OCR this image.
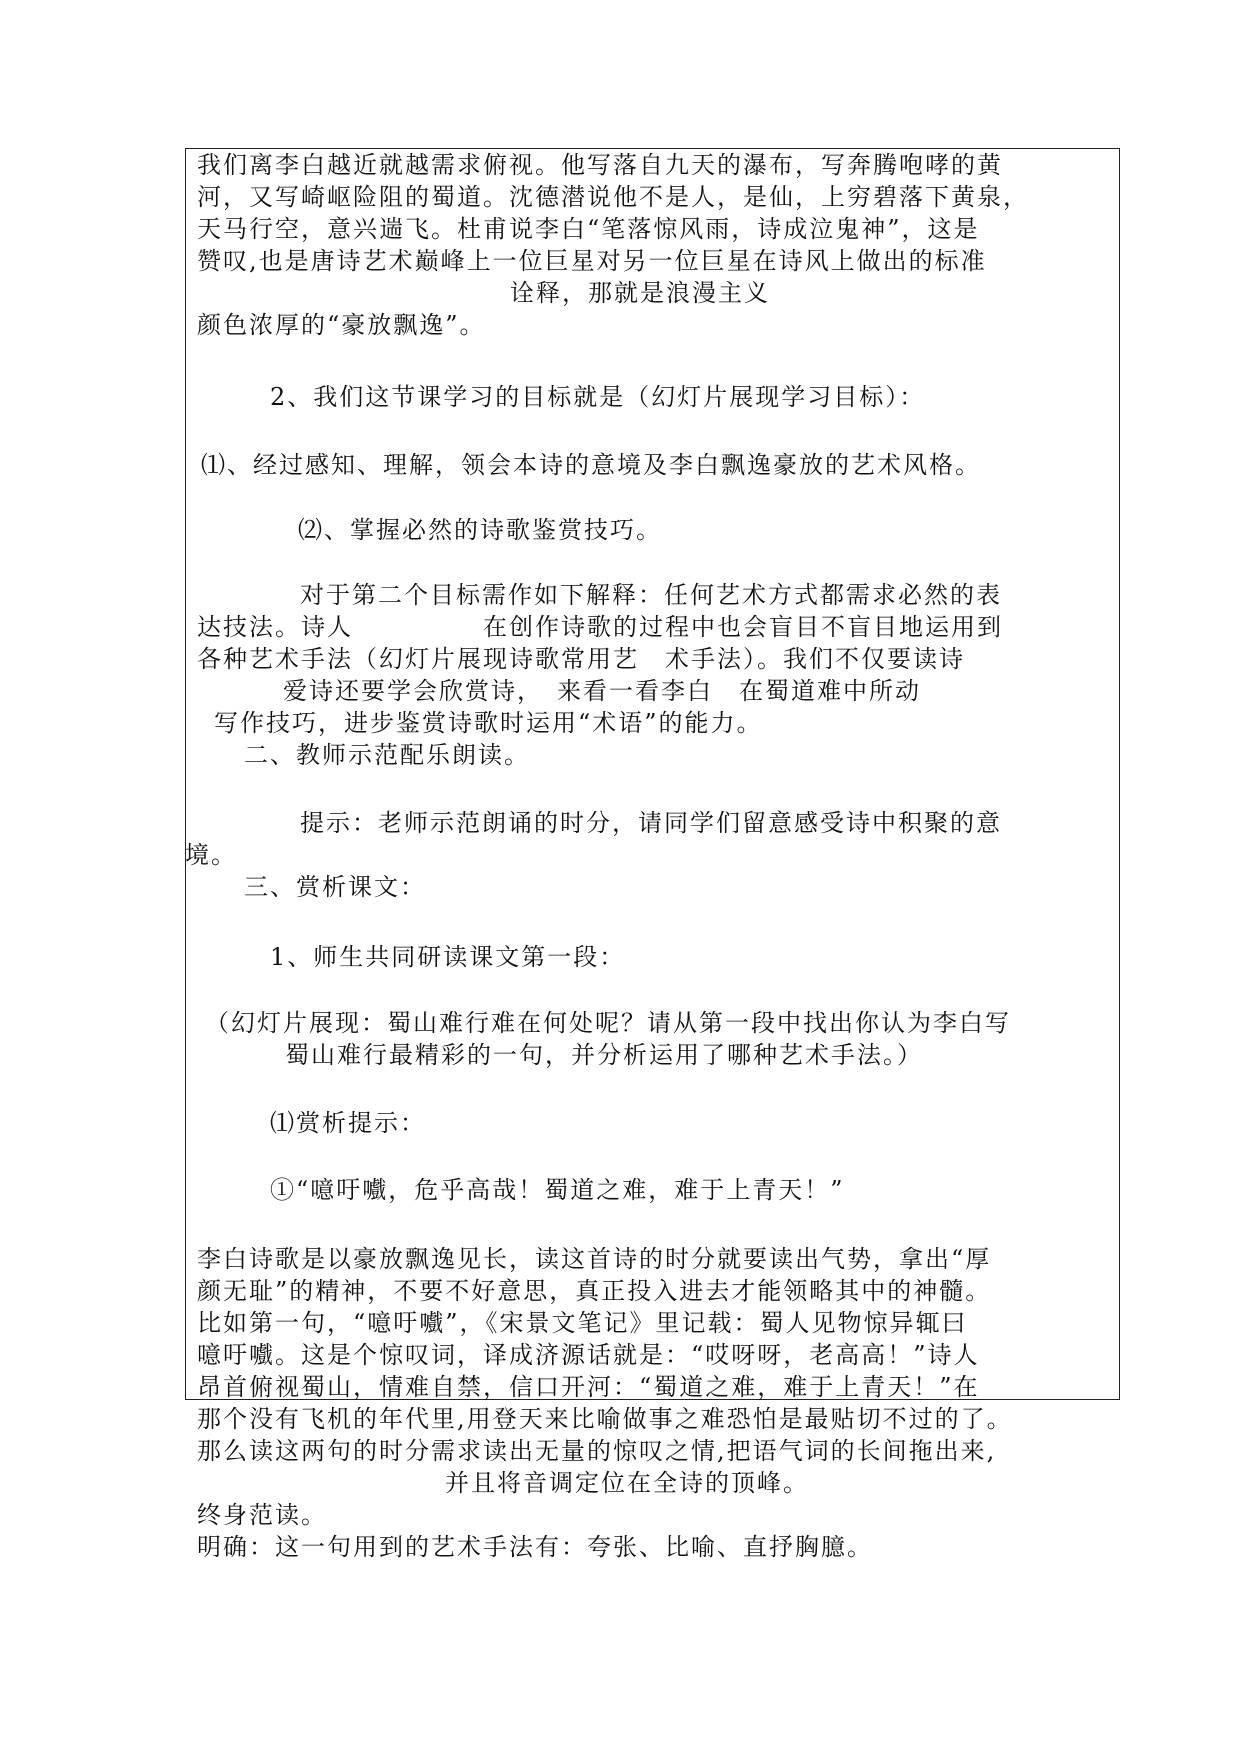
我们离李白越近就越需求俯视。他写落自九天的瀑布，写奔腾咆哮的黄
河，又写崎岖险阻的蜀道。沈德潜说他不是人，是仙，上穷碧落下黄泉，
天马行空，意兴遄飞。杜甫说李白“笔落惊风雨，诗成泣鬼神”，这是
赞叹,也是唐诗艺术巅峰上一位巨星对另一位巨星在诗风上做出的标准
诠释，那就是浪漫主义
颜色浓厚的“豪放飘逸”。
2、我们这节课学习的目标就是（幻灯片展现学习目标）：
⑴、经过感知、理解，领会本诗的意境及李白飘逸豪放的艺术风格。
⑵、掌握必然的诗歌鉴赏技巧。
对于第二个目标需作如下解释：任何艺术方式都需求必然的表
达技法。诗人　　　　　在创作诗歌的过程中也会盲目不盲目地运用到
各种艺术手法（幻灯片展现诗歌常用艺　术手法）。我们不仅要读诗
爱诗还要学会欣赏诗，　来看一看李白　在蜀道难中所动
写作技巧，进步鉴赏诗歌时运用“术语”的能力。
二、教师示范配乐朗读。
提示：老师示范朗诵的时分，请同学们留意感受诗中积聚的意
境。
三、赏析课文：
1、师生共同研读课文第一段：
（幻灯片展现：蜀山难行难在何处呢？请从第一段中找出你认为李白写
蜀山难行最精彩的一句，并分析运用了哪种艺术手法。）
⑴赏析提示：
①“噫吁嚱，危乎高哉！蜀道之难，难于上青天！”
李白诗歌是以豪放飘逸见长，读这首诗的时分就要读出气势，拿出“厚
颜无耻”的精神，不要不好意思，真正投入进去才能领略其中的神髓。
比如第一句，“噫吁嚱”，《宋景文笔记》里记载：蜀人见物惊异辄曰
噫吁嚱。这是个惊叹词，译成济源话就是：“哎呀呀，老高高！”诗人
昂首俯视蜀山，情难自禁，信口开河：“蜀道之难，难于上青天！”在
那个没有飞机的年代里,用登天来比喻做事之难恐怕是最贴切不过的了。
那么读这两句的时分需求读出无量的惊叹之情,把语气词的长间拖出来,
并且将音调定位在全诗的顶峰。
终身范读。
明确：这一句用到的艺术手法有：夸张、比喻、直抒胸臆。
